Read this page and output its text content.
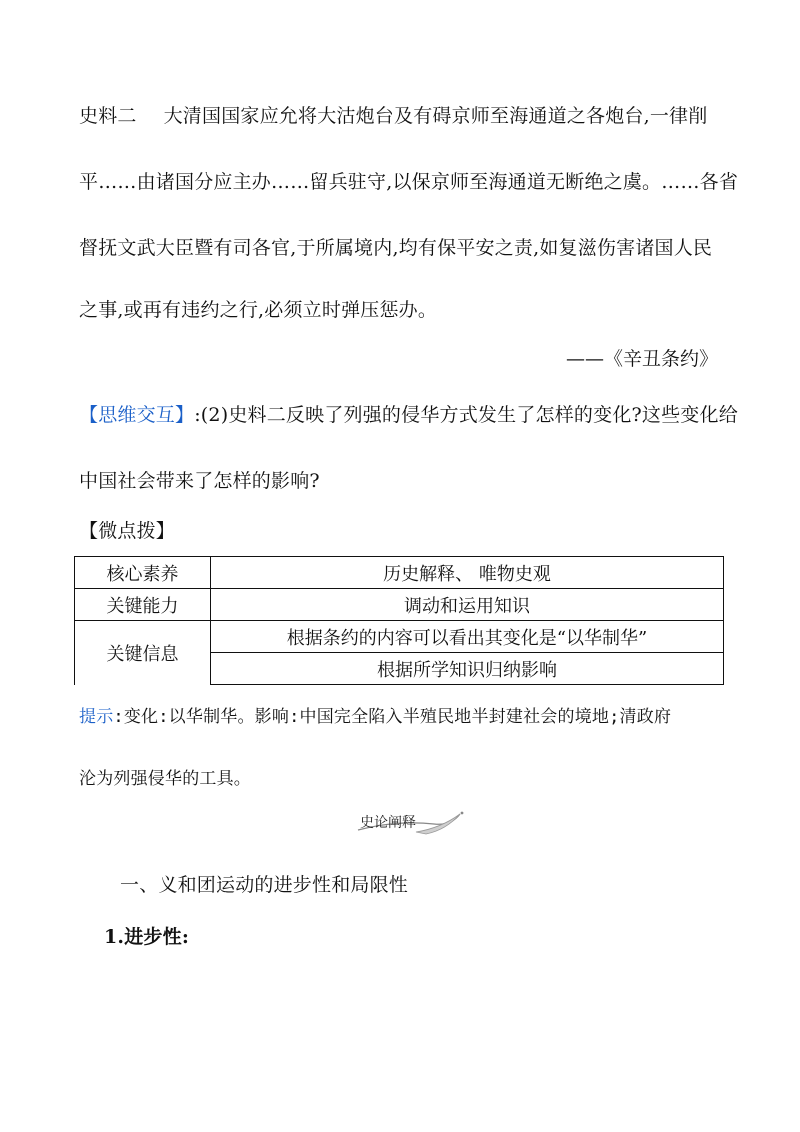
史料二 大清国国家应允将大沽炮台及有碍京师至海通道之各炮台,一律削
平……由诸国分应主办……留兵驻守,以保京师至海通道无断绝之虞。……各省
督抚文武大臣暨有司各官,于所属境内,均有保平安之责,如复滋伤害诸国人民
之事,或再有违约之行,必须立时弹压惩办。
——《辛丑条约》
【思维交互】:(2)史料二反映了列强的侵华方式发生了怎样的变化?这些变化给
中国社会带来了怎样的影响?
【微点拨】
核心素养	历史解释、 唯物史观
关键能力	调动和运用知识
关键信息	根据条约的内容可以看出其变化是“以华制华”
	根据所学知识归纳影响
提示:变化:以华制华。影响:中国完全陷入半殖民地半封建社会的境地;清政府
沦为列强侵华的工具。
史论阐释
一、义和团运动的进步性和局限性
1.进步性:
